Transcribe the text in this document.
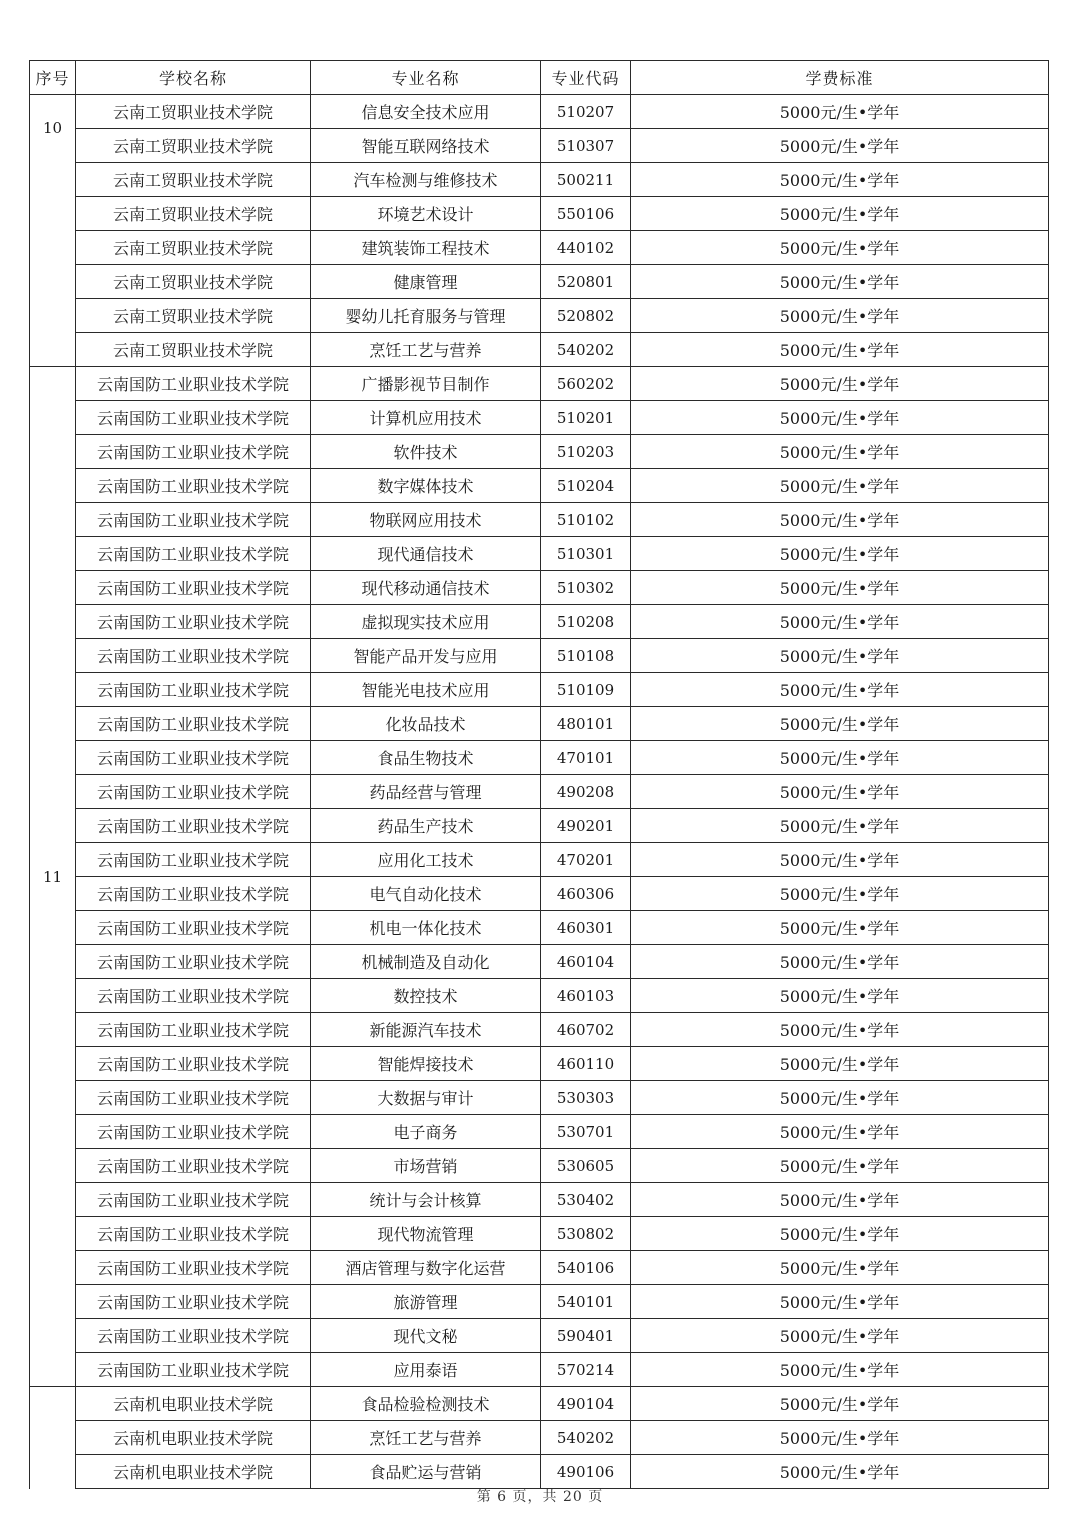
序号	学校名称	专业名称	专业代码	学费标准
10	云南工贸职业技术学院	信息安全技术应用	510207	5000元/生•学年
	云南工贸职业技术学院	智能互联网络技术	510307	5000元/生•学年
	云南工贸职业技术学院	汽车检测与维修技术	500211	5000元/生•学年
	云南工贸职业技术学院	环境艺术设计	550106	5000元/生•学年
	云南工贸职业技术学院	建筑装饰工程技术	440102	5000元/生•学年
	云南工贸职业技术学院	健康管理	520801	5000元/生•学年
	云南工贸职业技术学院	婴幼儿托育服务与管理	520802	5000元/生•学年
	云南工贸职业技术学院	烹饪工艺与营养	540202	5000元/生•学年
11	云南国防工业职业技术学院	广播影视节目制作	560202	5000元/生•学年
	云南国防工业职业技术学院	计算机应用技术	510201	5000元/生•学年
	云南国防工业职业技术学院	软件技术	510203	5000元/生•学年
	云南国防工业职业技术学院	数字媒体技术	510204	5000元/生•学年
	云南国防工业职业技术学院	物联网应用技术	510102	5000元/生•学年
	云南国防工业职业技术学院	现代通信技术	510301	5000元/生•学年
	云南国防工业职业技术学院	现代移动通信技术	510302	5000元/生•学年
	云南国防工业职业技术学院	虚拟现实技术应用	510208	5000元/生•学年
	云南国防工业职业技术学院	智能产品开发与应用	510108	5000元/生•学年
	云南国防工业职业技术学院	智能光电技术应用	510109	5000元/生•学年
	云南国防工业职业技术学院	化妆品技术	480101	5000元/生•学年
	云南国防工业职业技术学院	食品生物技术	470101	5000元/生•学年
	云南国防工业职业技术学院	药品经营与管理	490208	5000元/生•学年
	云南国防工业职业技术学院	药品生产技术	490201	5000元/生•学年
	云南国防工业职业技术学院	应用化工技术	470201	5000元/生•学年
	云南国防工业职业技术学院	电气自动化技术	460306	5000元/生•学年
	云南国防工业职业技术学院	机电一体化技术	460301	5000元/生•学年
	云南国防工业职业技术学院	机械制造及自动化	460104	5000元/生•学年
	云南国防工业职业技术学院	数控技术	460103	5000元/生•学年
	云南国防工业职业技术学院	新能源汽车技术	460702	5000元/生•学年
	云南国防工业职业技术学院	智能焊接技术	460110	5000元/生•学年
	云南国防工业职业技术学院	大数据与审计	530303	5000元/生•学年
	云南国防工业职业技术学院	电子商务	530701	5000元/生•学年
	云南国防工业职业技术学院	市场营销	530605	5000元/生•学年
	云南国防工业职业技术学院	统计与会计核算	530402	5000元/生•学年
	云南国防工业职业技术学院	现代物流管理	530802	5000元/生•学年
	云南国防工业职业技术学院	酒店管理与数字化运营	540106	5000元/生•学年
	云南国防工业职业技术学院	旅游管理	540101	5000元/生•学年
	云南国防工业职业技术学院	现代文秘	590401	5000元/生•学年
	云南国防工业职业技术学院	应用泰语	570214	5000元/生•学年
	云南机电职业技术学院	食品检验检测技术	490104	5000元/生•学年
	云南机电职业技术学院	烹饪工艺与营养	540202	5000元/生•学年
	云南机电职业技术学院	食品贮运与营销	490106	5000元/生•学年
第 6 页，共 20 页
